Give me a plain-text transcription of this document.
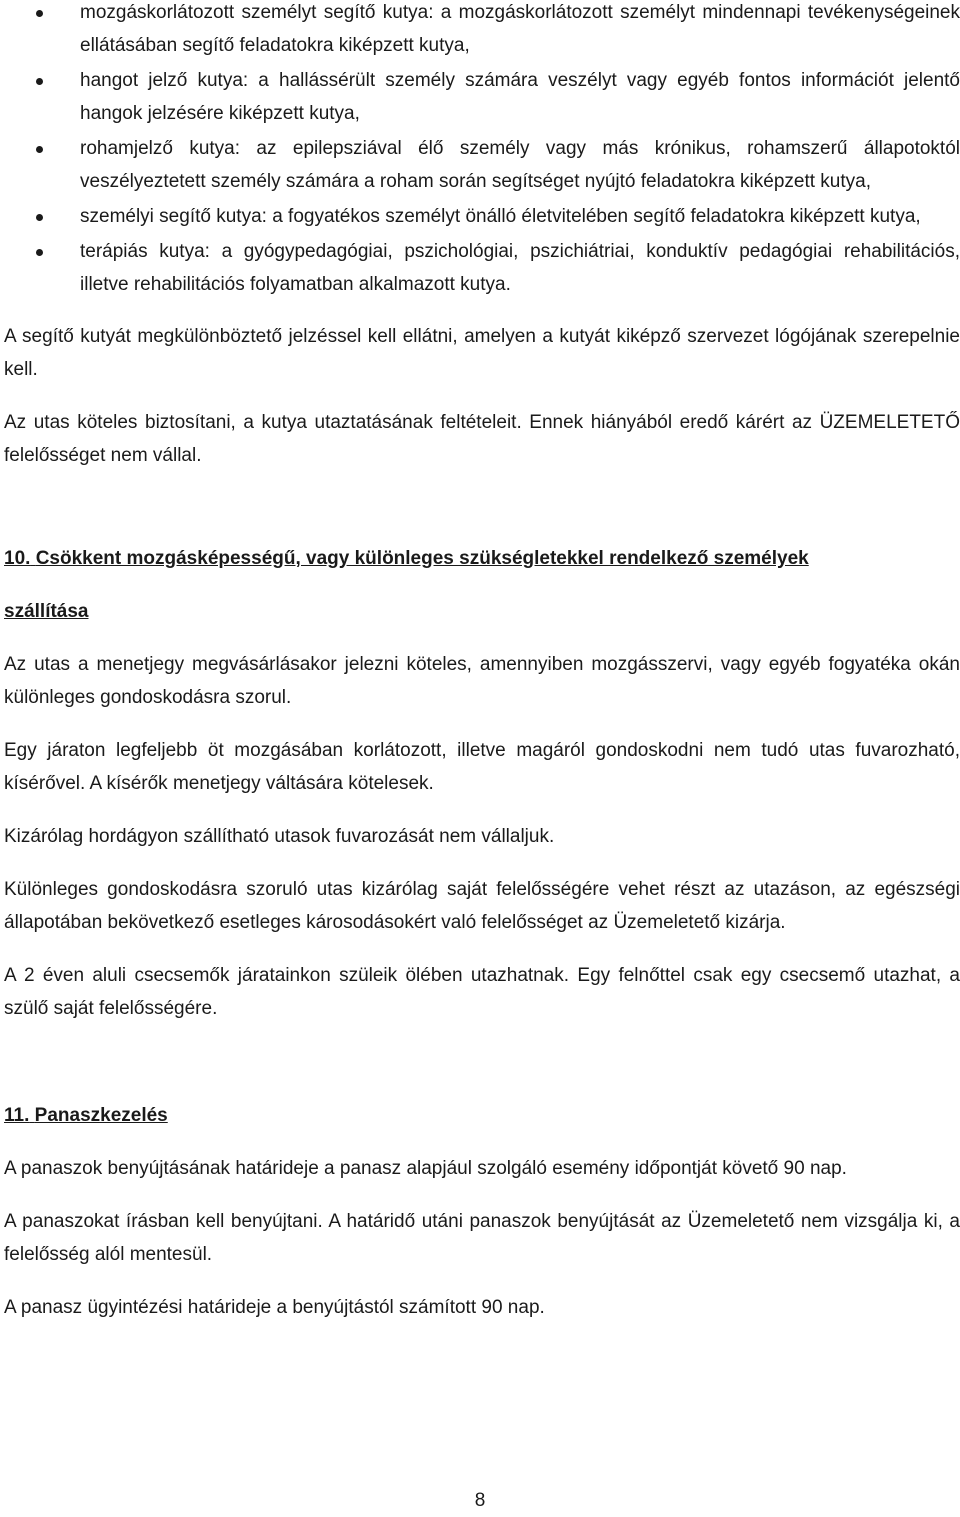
mozgáskorlátozott személyt segítő kutya: a mozgáskorlátozott személyt mindennapi tevékenységeinek ellátásában segítő feladatokra kiképzett kutya,
hangot jelző kutya: a hallássérült személy számára veszélyt vagy egyéb fontos információt jelentő hangok jelzésére kiképzett kutya,
rohamjelző kutya: az epilepsziával élő személy vagy más krónikus, rohamszerű állapotoktól veszélyeztetett személy számára a roham során segítséget nyújtó feladatokra kiképzett kutya,
személyi segítő kutya: a fogyatékos személyt önálló életvitelében segítő feladatokra kiképzett kutya,
terápiás kutya: a gyógypedagógiai, pszichológiai, pszichiátriai, konduktív pedagógiai rehabilitációs, illetve rehabilitációs folyamatban alkalmazott kutya.

A segítő kutyát megkülönböztető jelzéssel kell ellátni, amelyen a kutyát kiképző szervezet lógójának szerepelnie kell.

Az utas köteles biztosítani, a kutya utaztatásának feltételeit. Ennek hiányából eredő kárért az ÜZEMELETETŐ felelősséget nem vállal.

10. Csökkent mozgásképességű, vagy különleges szükségletekkel rendelkező személyek

szállítása

Az utas a menetjegy megvásárlásakor jelezni köteles, amennyiben mozgásszervi, vagy egyéb fogyatéka okán különleges gondoskodásra szorul.

Egy járaton legfeljebb öt mozgásában korlátozott, illetve magáról gondoskodni nem tudó utas fuvarozható, kísérővel. A kísérők menetjegy váltására kötelesek.

Kizárólag hordágyon szállítható utasok fuvarozását nem vállaljuk.

Különleges gondoskodásra szoruló utas kizárólag saját felelősségére vehet részt az utazáson, az egészségi állapotában bekövetkező esetleges károsodásokért való felelősséget az Üzemeletető kizárja.

A 2 éven aluli csecsemők járatainkon szüleik ölében utazhatnak. Egy felnőttel csak egy csecsemő utazhat, a szülő saját felelősségére.

11. Panaszkezelés

A panaszok benyújtásának határideje a panasz alapjául szolgáló esemény időpontját követő 90 nap.

A panaszokat írásban kell benyújtani. A határidő utáni panaszok benyújtását az Üzemeletető nem vizsgálja ki, a felelősség alól mentesül.

A panasz ügyintézési határideje a benyújtástól számított 90 nap.

8
